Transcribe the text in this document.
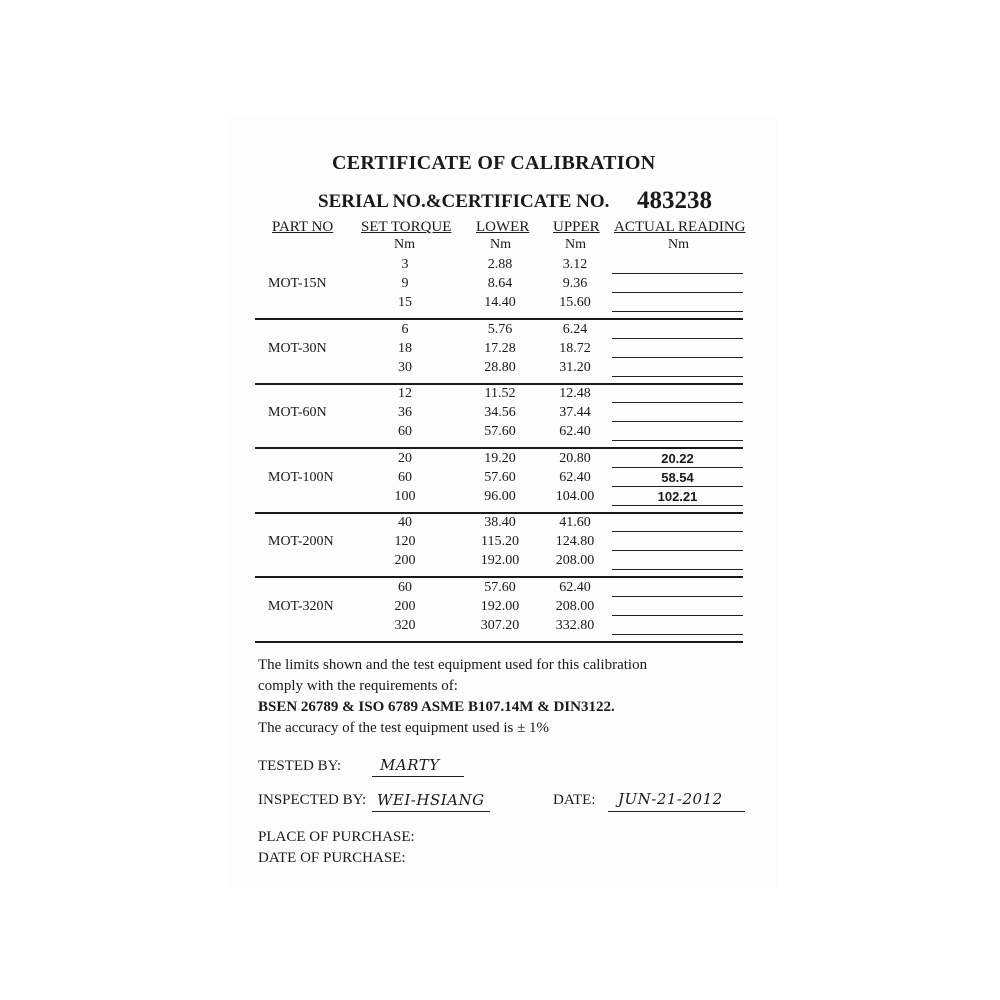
CERTIFICATE OF CALIBRATION
SERIAL NO.&CERTIFICATE NO. 483238
PART NO SET TORQUE LOWER UPPER ACTUAL READING
Nm	Nm	Nm	Nm
MOT-15N
3	2.88	3.12
9	8.64	9.36
15	14.40	15.60
MOT-30N
6	5.76	6.24
18	17.28	18.72
30	28.80	31.20
MOT-60N
12	11.52	12.48
36	34.56	37.44
60	57.60	62.40
MOT-100N
20	19.20	20.80	20.22
60	57.60	62.40	58.54
100	96.00	104.00	102.21
MOT-200N
40	38.40	41.60
120	115.20	124.80
200	192.00	208.00
MOT-320N
60	57.60	62.40
200	192.00	208.00
320	307.20	332.80
The limits shown and the test equipment used for this calibration
comply with the requirements of:
BSEN 26789 & ISO 6789 ASME B107.14M & DIN3122.
The accuracy of the test equipment used is ± 1%
TESTED BY:	MARTY
INSPECTED BY: WEI-HSIANG	DATE: JUN-21-2012
PLACE OF PURCHASE:
DATE OF PURCHASE:
